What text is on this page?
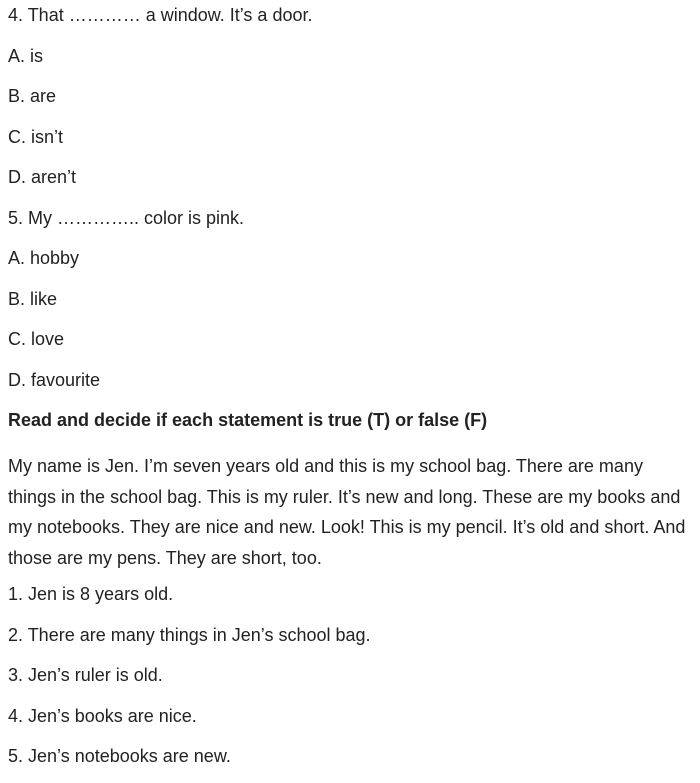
4. That ………… a window. It’s a door.
A. is
B. are
C. isn’t
D. aren’t
5. My ………….. color is pink.
A. hobby
B. like
C. love
D. favourite
Read and decide if each statement is true (T) or false (F)
My name is Jen. I’m seven years old and this is my school bag. There are many things in the school bag. This is my ruler. It’s new and long. These are my books and my notebooks. They are nice and new. Look! This is my pencil. It’s old and short. And those are my pens. They are short, too.
1. Jen is 8 years old.
2. There are many things in Jen’s school bag.
3. Jen’s ruler is old.
4. Jen’s books are nice.
5. Jen’s notebooks are new.
